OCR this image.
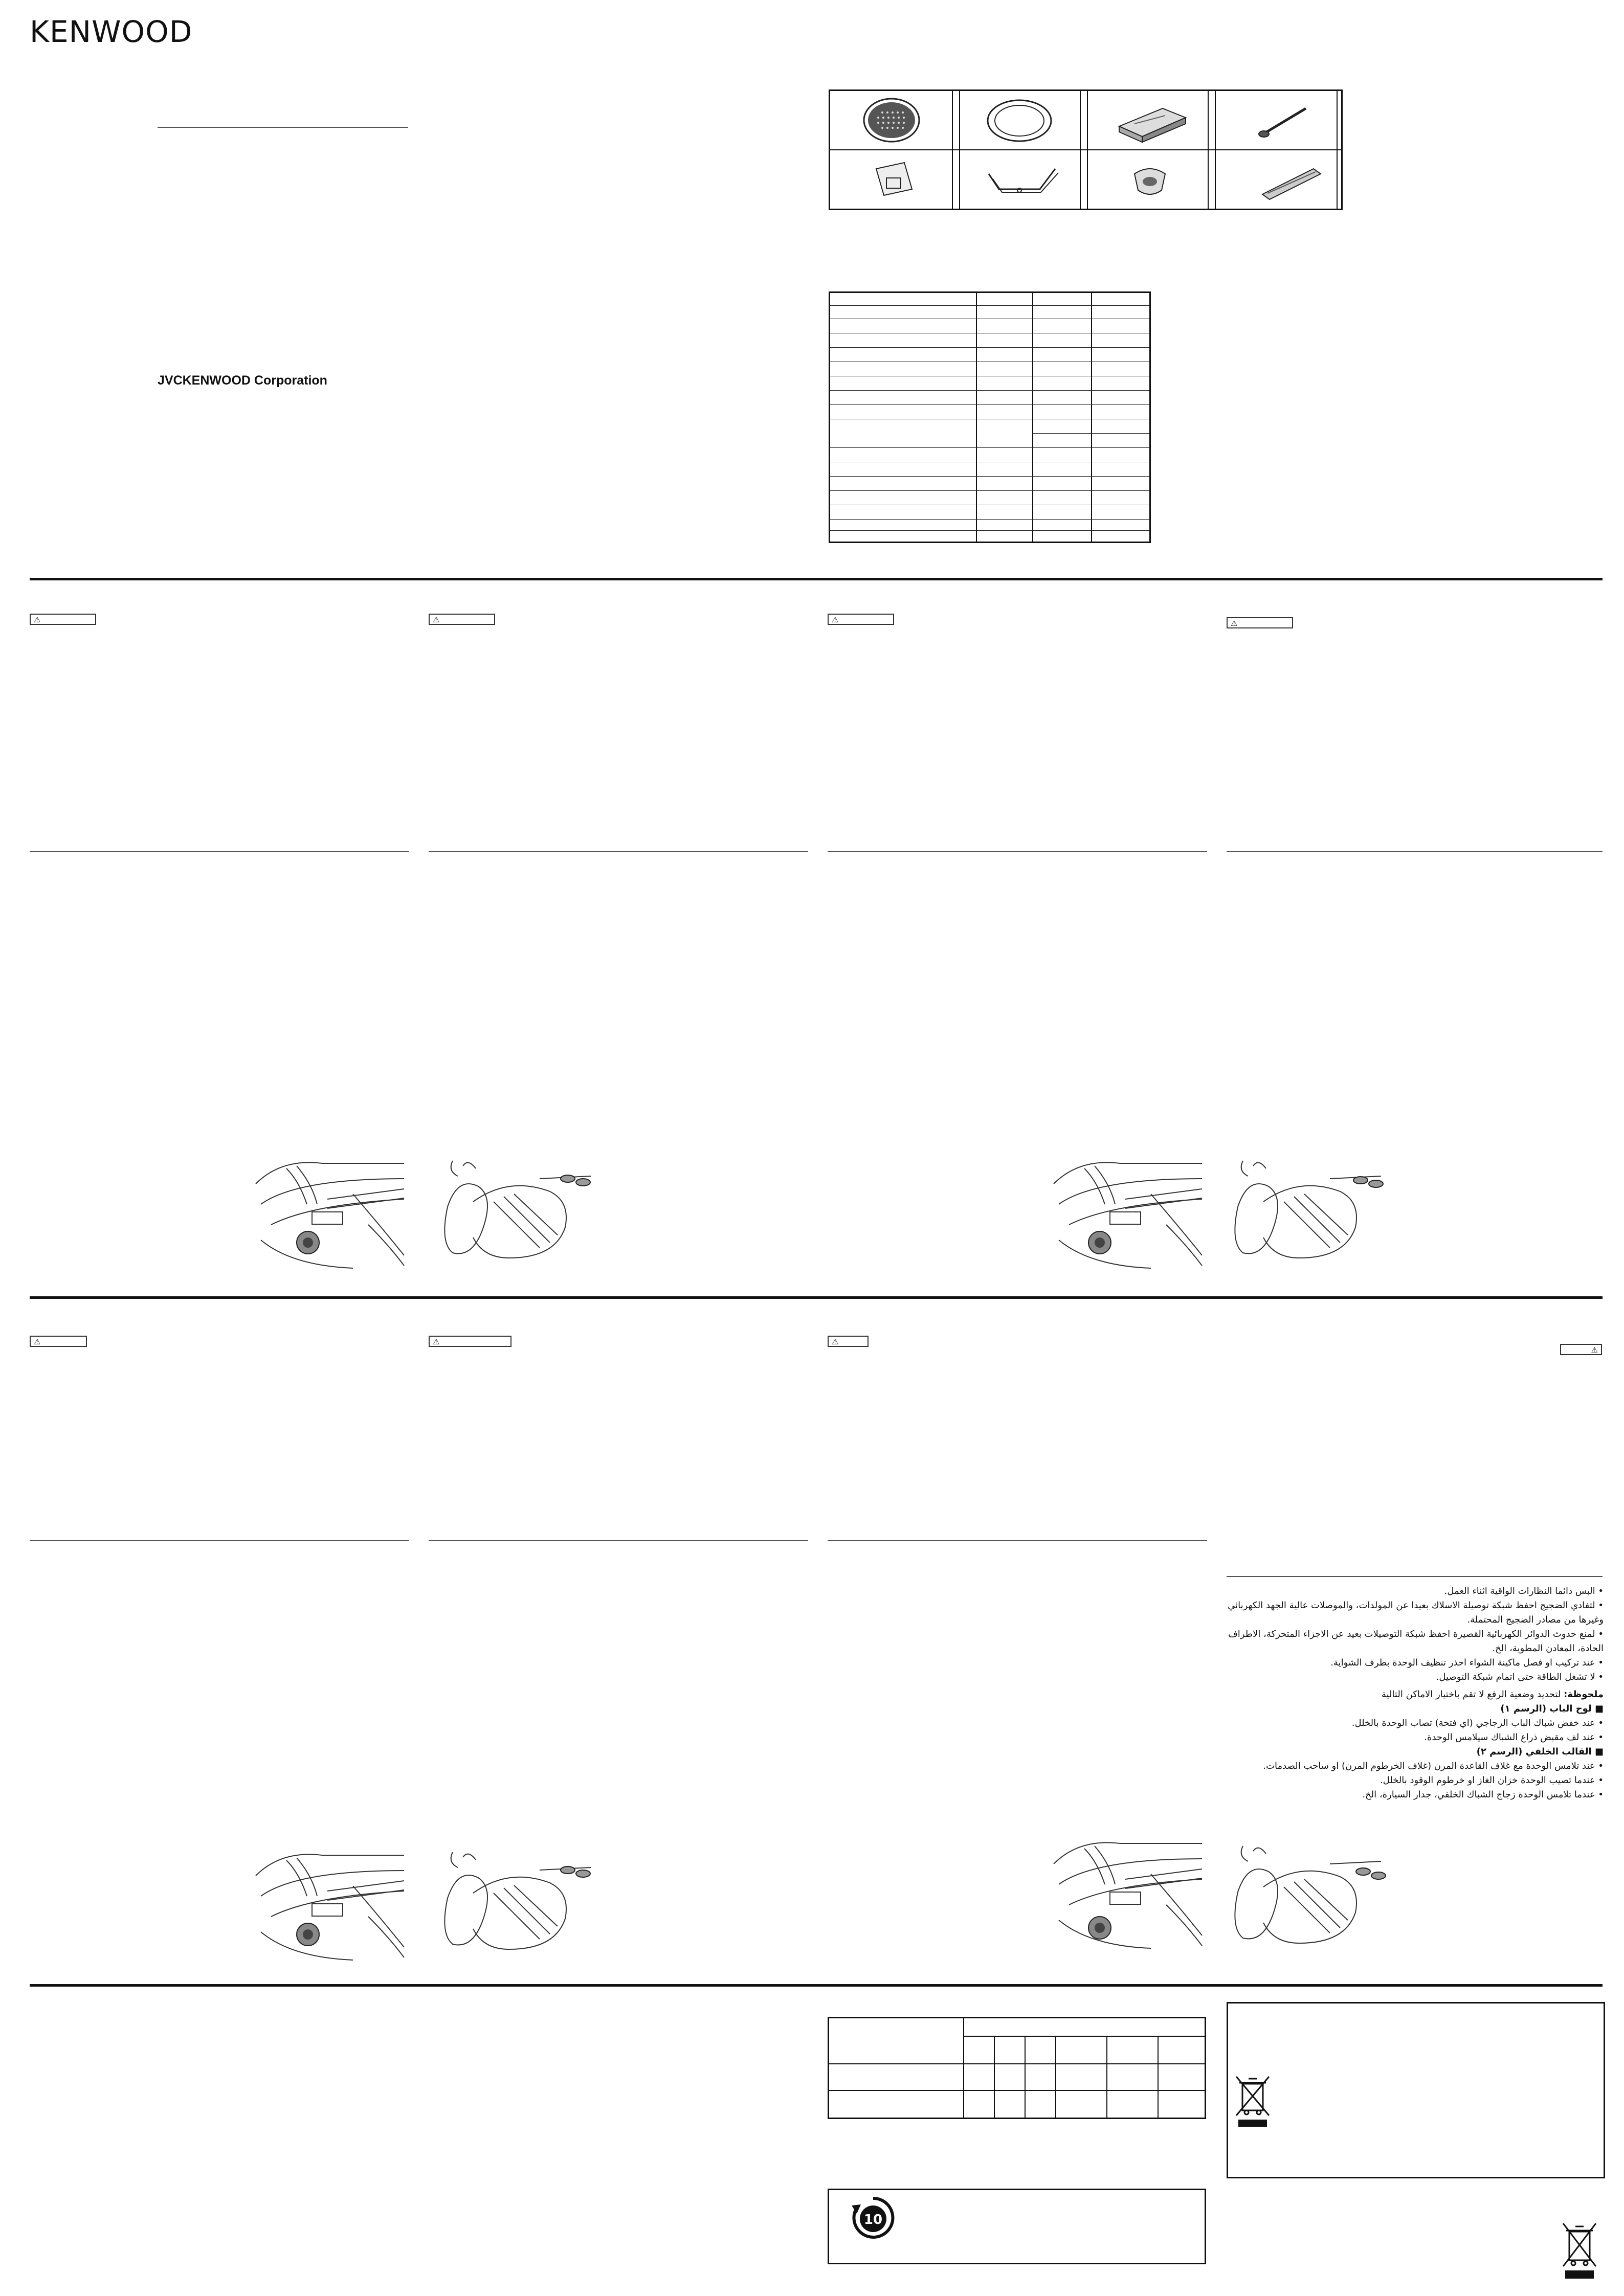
KENWOOD
JVCKENWOOD Corporation
⚠	⚠	⚠	⚠
⚠	⚠	⚠
⚠

• البس دائما النظارات الواقية اثناء العمل.

• لتفادي الضجيج احفظ شبكة توصيلة الاسلاك بعيدا عن المولدات، والموصلات عالية الجهد الكهربائي وغيرها من مصادر الضجيج المحتملة.

• لمنع حدوث الدوائر الكهربائية القصيرة احفظ شبكة التوصيلات بعيد عن الاجزاء المتحركة، الاطراف الحادة، المعادن المطوية، الخ.

• عند تركيب او فصل ماكينة الشواء احذر تنظيف الوحدة بطرف الشواية.

• لا تشغل الطاقة حتى اتمام شبكة التوصيل.

ملحوظة: لتحديد وضعية الرفع لا تقم باختيار الاماكن التالية

■ لوح الباب (الرسم ١)

• عند خفض شباك الباب الزجاجي (اي فتحة) تصاب الوحدة بالخلل.

• عند لف مقبض ذراع الشباك سيلامس الوحدة.

■ القالب الخلفي (الرسم ٢)

• عند تلامس الوحدة مع غلاف القاعدة المرن (غلاف الخرطوم المرن) او ساحب الصدمات.

• عندما تصيب الوحدة خزان الغاز او خرطوم الوقود بالخلل.

• عندما تلامس الوحدة زجاج الشباك الخلفي، جدار السيارة، الخ.

10
